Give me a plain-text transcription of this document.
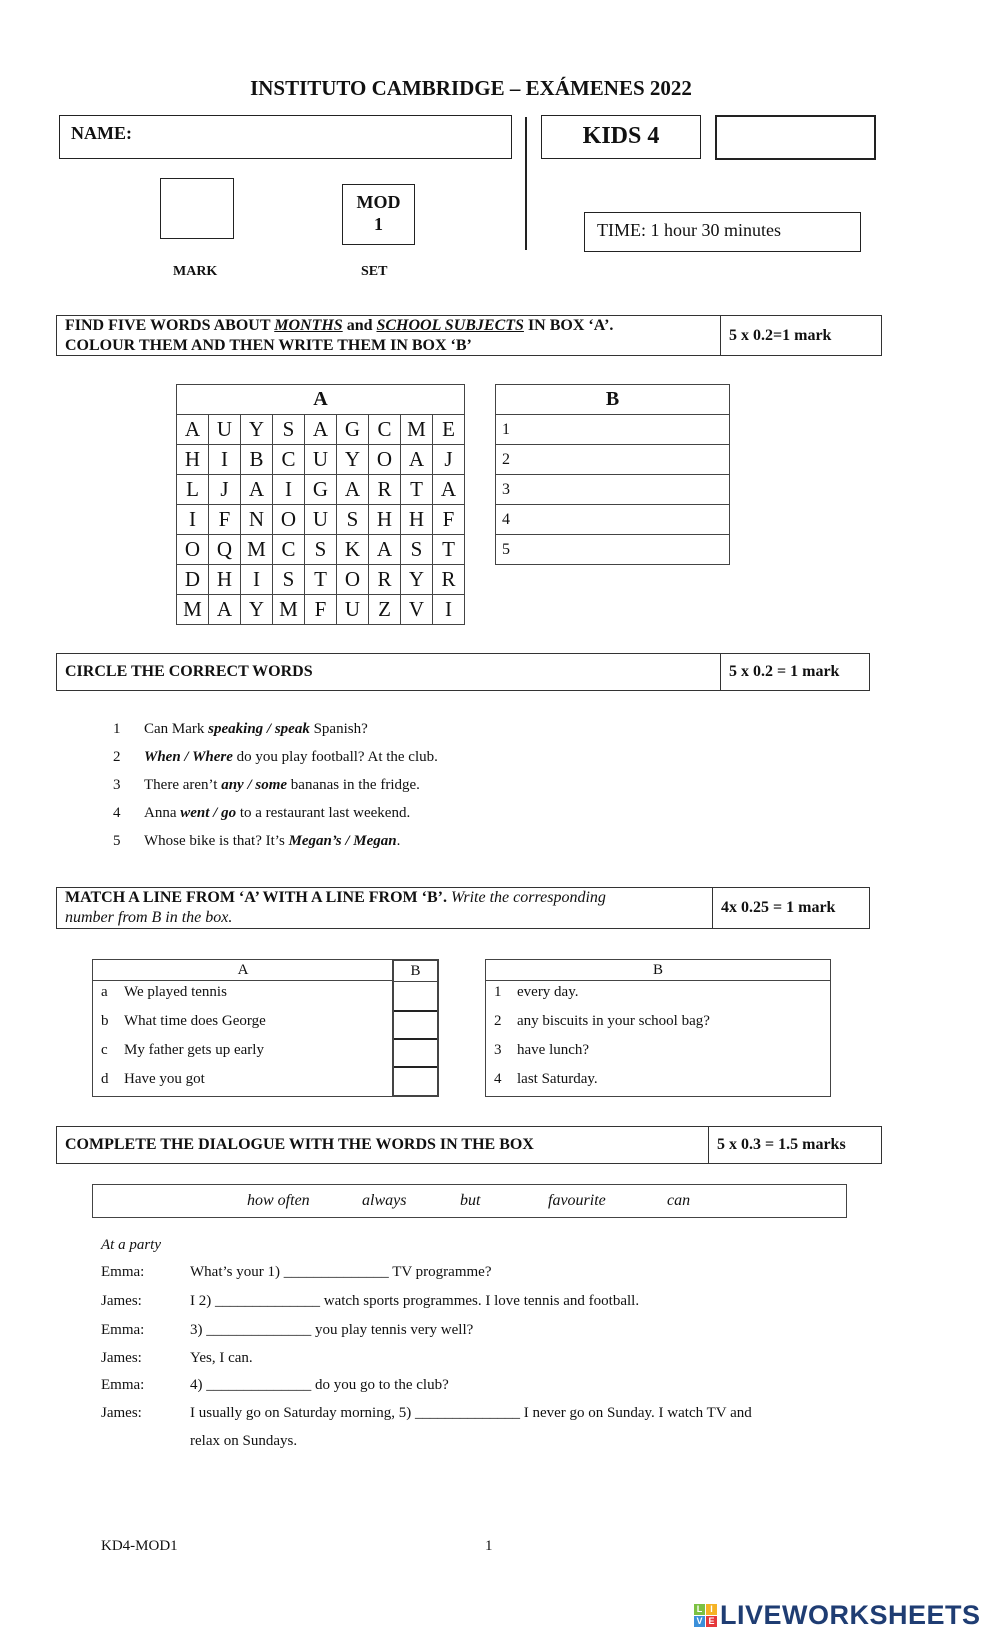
INSTITUTO CAMBRIDGE – EXÁMENES 2022
NAME:	KIDS 4
MOD
1
MARK	SET
TIME: 1 hour 30 minutes
FIND FIVE WORDS ABOUT MONTHS and SCHOOL SUBJECTS IN BOX ‘A’.
COLOUR THEM AND THEN WRITE THEM IN BOX ‘B’
5 x 0.2=1 mark
A								
A	U	Y	S	A	G	C	M	E
H	I	B	C	U	Y	O	A	J
L	J	A	I	G	A	R	T	A
I	F	N	O	U	S	H	H	F
O	Q	M	C	S	K	A	S	T
D	H	I	S	T	O	R	Y	R
M	A	Y	M	F	U	Z	V	I
B
1
2
3
4
5
CIRCLE THE CORRECT WORDS	5 x 0.2 = 1 mark
1 Can Mark speaking / speak Spanish?
2 When / Where do you play football? At the club.
3 There aren’t any / some bananas in the fridge.
4 Anna went / go to a restaurant last weekend.
5 Whose bike is that? It’s Megan’s / Megan.
MATCH A LINE FROM ‘A’ WITH A LINE FROM ‘B’. Write the corresponding
number from B in the box.
4x 0.25 = 1 mark
A
a We played tennis
b What time does George
c My father gets up early
d Have you got
B	B
1 every day.
2 any biscuits in your school bag?
3 have lunch?
4 last Saturday.
COMPLETE THE DIALOGUE WITH THE WORDS IN THE BOX	5 x 0.3 = 1.5 marks
how often	always	but	favourite	can
At a party
Emma:	What’s your 1) ______________ TV programme?
James:	I 2) ______________ watch sports programmes. I love tennis and football.
Emma:	3) ______________ you play tennis very well?
James:	Yes, I can.
Emma:	4) ______________ do you go to the club?
James:	I usually go on Saturday morning, 5) ______________ I never go on Sunday. I watch TV and
relax on Sundays.
KD4-MOD1	1
L I
V E LIVEWORKSHEETS
